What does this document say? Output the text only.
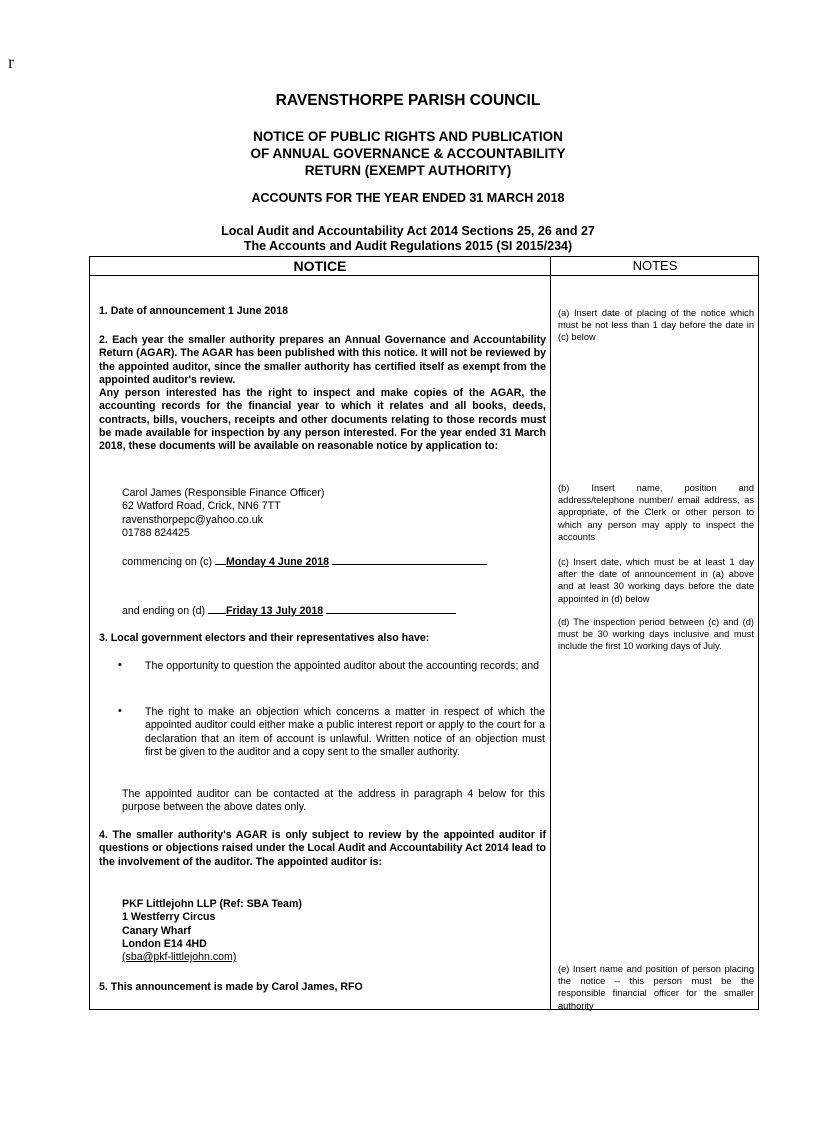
r
RAVENSTHORPE PARISH COUNCIL
NOTICE OF PUBLIC RIGHTS AND PUBLICATION
OF ANNUAL GOVERNANCE & ACCOUNTABILITY
RETURN (EXEMPT AUTHORITY)
ACCOUNTS FOR THE YEAR ENDED 31 MARCH 2018
Local Audit and Accountability Act 2014 Sections 25, 26 and 27
The Accounts and Audit Regulations 2015 (SI 2015/234)
NOTICE	NOTES
1. Date of announcement 1 June 2018
2. Each year the smaller authority prepares an Annual Governance and Accountability Return (AGAR). The AGAR has been published with this notice. It will not be reviewed by the appointed auditor, since the smaller authority has certified itself as exempt from the appointed auditor's review.
Any person interested has the right to inspect and make copies of the AGAR, the accounting records for the financial year to which it relates and all books, deeds, contracts, bills, vouchers, receipts and other documents relating to those records must be made available for inspection by any person interested. For the year ended 31 March 2018, these documents will be available on reasonable notice by application to:
Carol James (Responsible Finance Officer)
62 Watford Road, Crick, NN6 7TT
ravensthorpepc@yahoo.co.uk
01788 824425
commencing on (c) Monday 4 June 2018
and ending on (d) Friday 13 July 2018
3. Local government electors and their representatives also have:
• The opportunity to question the appointed auditor about the accounting records; and
• The right to make an objection which concerns a matter in respect of which the appointed auditor could either make a public interest report or apply to the court for a declaration that an item of account is unlawful. Written notice of an objection must first be given to the auditor and a copy sent to the smaller authority.
The appointed auditor can be contacted at the address in paragraph 4 below for this purpose between the above dates only.
4. The smaller authority's AGAR is only subject to review by the appointed auditor if questions or objections raised under the Local Audit and Accountability Act 2014 lead to the involvement of the auditor. The appointed auditor is:
PKF Littlejohn LLP (Ref: SBA Team)
1 Westferry Circus
Canary Wharf
London E14 4HD
(sba@pkf-littlejohn.com)
5. This announcement is made by Carol James, RFO
(a) Insert date of placing of the notice which must be not less than 1 day before the date in (c) below
(b) Insert name, position and address/telephone number/ email address, as appropriate, of the Clerk or other person to which any person may apply to inspect the accounts
(c) Insert date, which must be at least 1 day after the date of announcement in (a) above and at least 30 working days before the date appointed in (d) below
(d) The inspection period between (c) and (d) must be 30 working days inclusive and must include the first 10 working days of July.
(e) Insert name and position of person placing the notice – this person must be the responsible financial officer for the smaller authority
